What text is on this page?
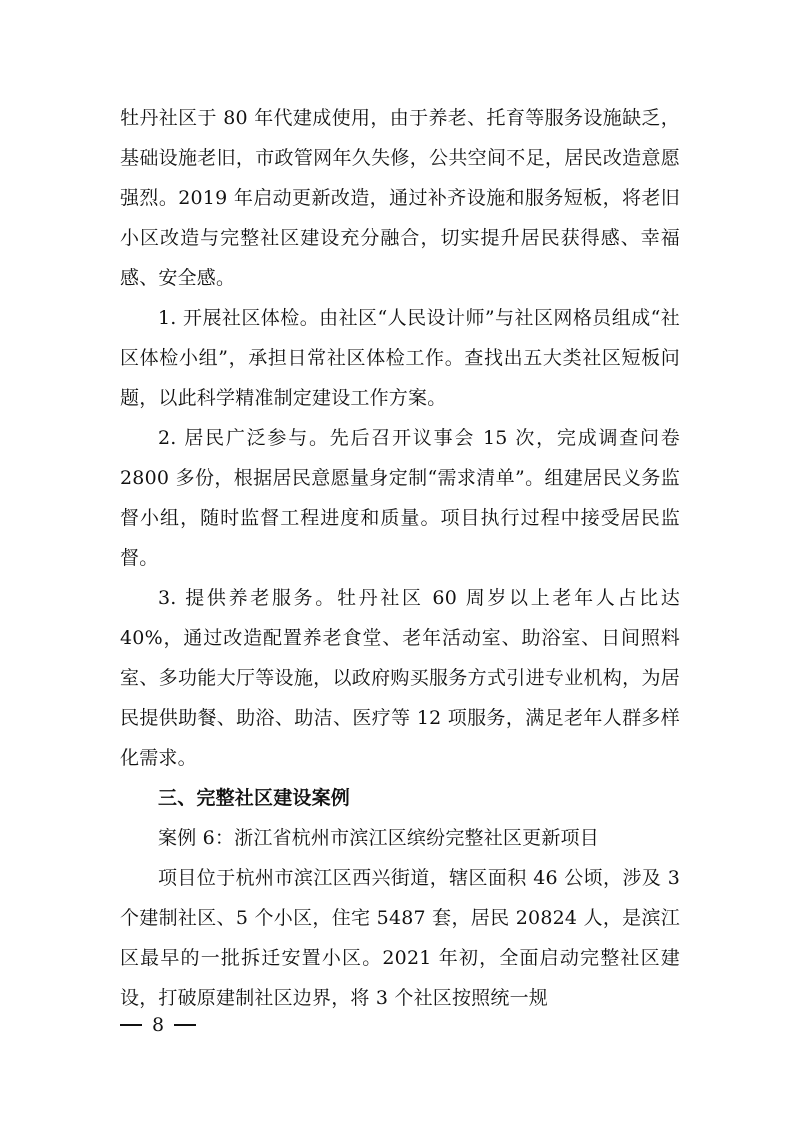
牡丹社区于 80 年代建成使用，由于养老、托育等服务设施缺乏，基础设施老旧，市政管网年久失修，公共空间不足，居民改造意愿强烈。2019 年启动更新改造，通过补齐设施和服务短板，将老旧小区改造与完整社区建设充分融合，切实提升居民获得感、幸福感、安全感。

1. 开展社区体检。由社区“人民设计师”与社区网格员组成“社区体检小组”，承担日常社区体检工作。查找出五大类社区短板问题，以此科学精准制定建设工作方案。

2. 居民广泛参与。先后召开议事会 15 次，完成调查问卷 2800 多份，根据居民意愿量身定制“需求清单”。组建居民义务监督小组，随时监督工程进度和质量。项目执行过程中接受居民监督。

3. 提供养老服务。牡丹社区 60 周岁以上老年人占比达 40%，通过改造配置养老食堂、老年活动室、助浴室、日间照料室、多功能大厅等设施，以政府购买服务方式引进专业机构，为居民提供助餐、助浴、助洁、医疗等 12 项服务，满足老年人群多样化需求。

三、完整社区建设案例

案例 6：浙江省杭州市滨江区缤纷完整社区更新项目

项目位于杭州市滨江区西兴街道，辖区面积 46 公顷，涉及 3 个建制社区、5 个小区，住宅 5487 套，居民 20824 人，是滨江区最早的一批拆迁安置小区。2021 年初，全面启动完整社区建设，打破原建制社区边界，将 3 个社区按照统一规

8
